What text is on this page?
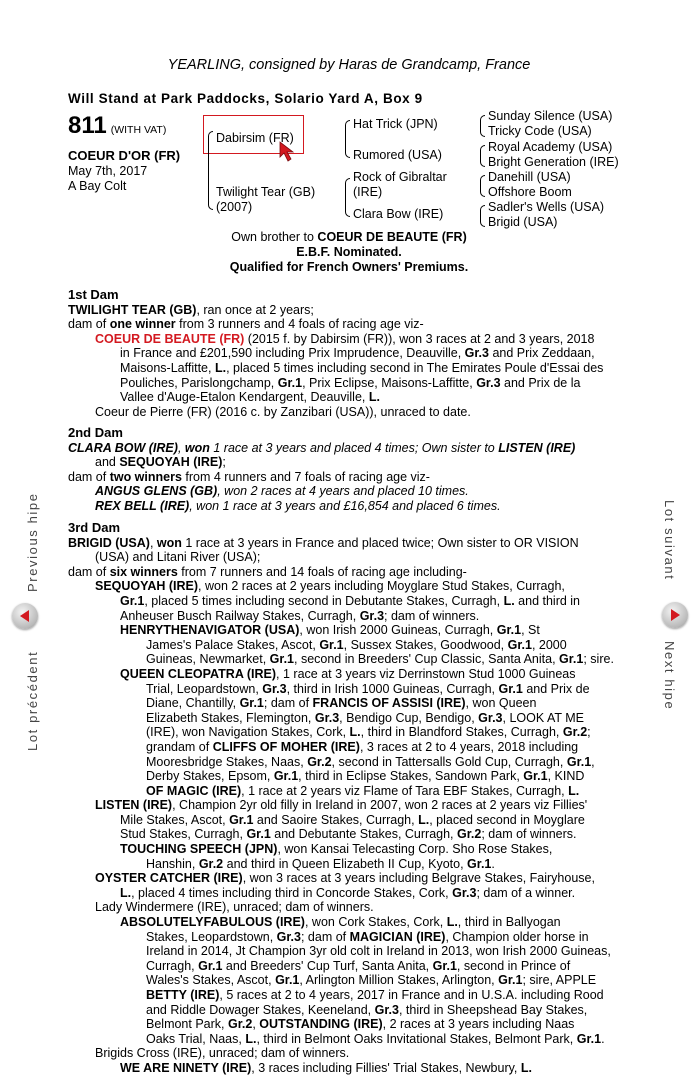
YEARLING, consigned by Haras de Grandcamp, France
Will Stand at Park Paddocks, Solario Yard A, Box 9
811 (WITH VAT)
COEUR D'OR (FR)
May 7th, 2017
A Bay Colt
Dabirsim (FR)
Twilight Tear (GB)
(2007)
Hat Trick (JPN)
Rumored (USA)
Rock of Gibraltar
(IRE)
Clara Bow (IRE)
Sunday Silence (USA)
Tricky Code (USA)
Royal Academy (USA)
Bright Generation (IRE)
Danehill (USA)
Offshore Boom
Sadler's Wells (USA)
Brigid (USA)
Own brother to COEUR DE BEAUTE (FR)
E.B.F. Nominated.
Qualified for French Owners' Premiums.
1st Dam
TWILIGHT TEAR (GB), ran once at 2 years;
dam of one winner from 3 runners and 4 foals of racing age viz-
COEUR DE BEAUTE (FR) (2015 f. by Dabirsim (FR)), won 3 races at 2 and 3 years, 2018
in France and £201,590 including Prix Imprudence, Deauville, Gr.3 and Prix Zeddaan,
Maisons-Laffitte, L., placed 5 times including second in The Emirates Poule d'Essai des
Pouliches, Parislongchamp, Gr.1, Prix Eclipse, Maisons-Laffitte, Gr.3 and Prix de la
Vallee d'Auge-Etalon Kendargent, Deauville, L.
Coeur de Pierre (FR) (2016 c. by Zanzibari (USA)), unraced to date.
2nd Dam
CLARA BOW (IRE), won 1 race at 3 years and placed 4 times; Own sister to LISTEN (IRE)
and SEQUOYAH (IRE);
dam of two winners from 4 runners and 7 foals of racing age viz-
ANGUS GLENS (GB), won 2 races at 4 years and placed 10 times.
REX BELL (IRE), won 1 race at 3 years and £16,854 and placed 6 times.
3rd Dam
BRIGID (USA), won 1 race at 3 years in France and placed twice; Own sister to OR VISION
(USA) and Litani River (USA);
dam of six winners from 7 runners and 14 foals of racing age including-
SEQUOYAH (IRE), won 2 races at 2 years including Moyglare Stud Stakes, Curragh,
Gr.1, placed 5 times including second in Debutante Stakes, Curragh, L. and third in
Anheuser Busch Railway Stakes, Curragh, Gr.3; dam of winners.
HENRYTHENAVIGATOR (USA), won Irish 2000 Guineas, Curragh, Gr.1, St
James's Palace Stakes, Ascot, Gr.1, Sussex Stakes, Goodwood, Gr.1, 2000
Guineas, Newmarket, Gr.1, second in Breeders' Cup Classic, Santa Anita, Gr.1; sire.
QUEEN CLEOPATRA (IRE), 1 race at 3 years viz Derrinstown Stud 1000 Guineas
Trial, Leopardstown, Gr.3, third in Irish 1000 Guineas, Curragh, Gr.1 and Prix de
Diane, Chantilly, Gr.1; dam of FRANCIS OF ASSISI (IRE), won Queen
Elizabeth Stakes, Flemington, Gr.3, Bendigo Cup, Bendigo, Gr.3, LOOK AT ME
(IRE), won Navigation Stakes, Cork, L., third in Blandford Stakes, Curragh, Gr.2;
grandam of CLIFFS OF MOHER (IRE), 3 races at 2 to 4 years, 2018 including
Mooresbridge Stakes, Naas, Gr.2, second in Tattersalls Gold Cup, Curragh, Gr.1,
Derby Stakes, Epsom, Gr.1, third in Eclipse Stakes, Sandown Park, Gr.1, KIND
OF MAGIC (IRE), 1 race at 2 years viz Flame of Tara EBF Stakes, Curragh, L.
LISTEN (IRE), Champion 2yr old filly in Ireland in 2007, won 2 races at 2 years viz Fillies'
Mile Stakes, Ascot, Gr.1 and Saoire Stakes, Curragh, L., placed second in Moyglare
Stud Stakes, Curragh, Gr.1 and Debutante Stakes, Curragh, Gr.2; dam of winners.
TOUCHING SPEECH (JPN), won Kansai Telecasting Corp. Sho Rose Stakes,
Hanshin, Gr.2 and third in Queen Elizabeth II Cup, Kyoto, Gr.1.
OYSTER CATCHER (IRE), won 3 races at 3 years including Belgrave Stakes, Fairyhouse,
L., placed 4 times including third in Concorde Stakes, Cork, Gr.3; dam of a winner.
Lady Windermere (IRE), unraced; dam of winners.
ABSOLUTELYFABULOUS (IRE), won Cork Stakes, Cork, L., third in Ballyogan
Stakes, Leopardstown, Gr.3; dam of MAGICIAN (IRE), Champion older horse in
Ireland in 2014, Jt Champion 3yr old colt in Ireland in 2013, won Irish 2000 Guineas,
Curragh, Gr.1 and Breeders' Cup Turf, Santa Anita, Gr.1, second in Prince of
Wales's Stakes, Ascot, Gr.1, Arlington Million Stakes, Arlington, Gr.1; sire, APPLE
BETTY (IRE), 5 races at 2 to 4 years, 2017 in France and in U.S.A. including Rood
and Riddle Dowager Stakes, Keeneland, Gr.3, third in Sheepshead Bay Stakes,
Belmont Park, Gr.2, OUTSTANDING (IRE), 2 races at 3 years including Naas
Oaks Trial, Naas, L., third in Belmont Oaks Invitational Stakes, Belmont Park, Gr.1.
Brigids Cross (IRE), unraced; dam of winners.
WE ARE NINETY (IRE), 3 races including Fillies' Trial Stakes, Newbury, L.
Previous hipe
Lot précédent
Lot suivant
Next hipe
